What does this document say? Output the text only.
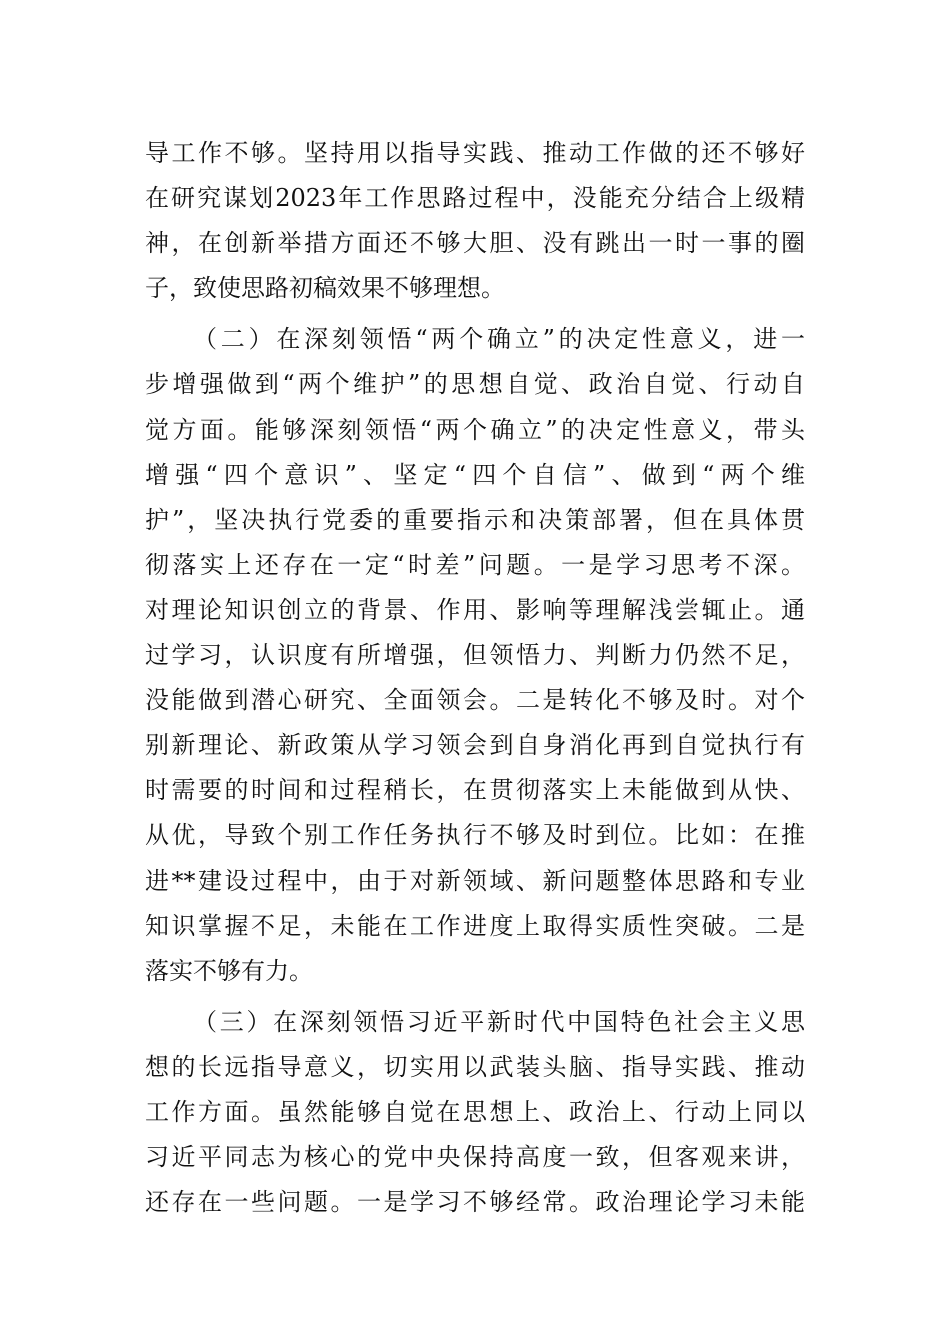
导工作不够。坚持用以指导实践、推动工作做的还不够好
在研究谋划2023年工作思路过程中，没能充分结合上级精
神，在创新举措方面还不够大胆、没有跳出一时一事的圈
子，致使思路初稿效果不够理想。
（二）在深刻领悟“两个确立”的决定性意义，进一
步增强做到“两个维护”的思想自觉、政治自觉、行动自
觉方面。能够深刻领悟“两个确立”的决定性意义，带头
增强“四个意识”、坚定“四个自信”、做到“两个维
护”，坚决执行党委的重要指示和决策部署，但在具体贯
彻落实上还存在一定“时差”问题。一是学习思考不深。
对理论知识创立的背景、作用、影响等理解浅尝辄止。通
过学习，认识度有所增强，但领悟力、判断力仍然不足，
没能做到潜心研究、全面领会。二是转化不够及时。对个
别新理论、新政策从学习领会到自身消化再到自觉执行有
时需要的时间和过程稍长，在贯彻落实上未能做到从快、
从优，导致个别工作任务执行不够及时到位。比如：在推
进**建设过程中，由于对新领域、新问题整体思路和专业
知识掌握不足，未能在工作进度上取得实质性突破。二是
落实不够有力。
（三）在深刻领悟习近平新时代中国特色社会主义思
想的长远指导意义，切实用以武装头脑、指导实践、推动
工作方面。虽然能够自觉在思想上、政治上、行动上同以
习近平同志为核心的党中央保持高度一致，但客观来讲，
还存在一些问题。一是学习不够经常。政治理论学习未能
